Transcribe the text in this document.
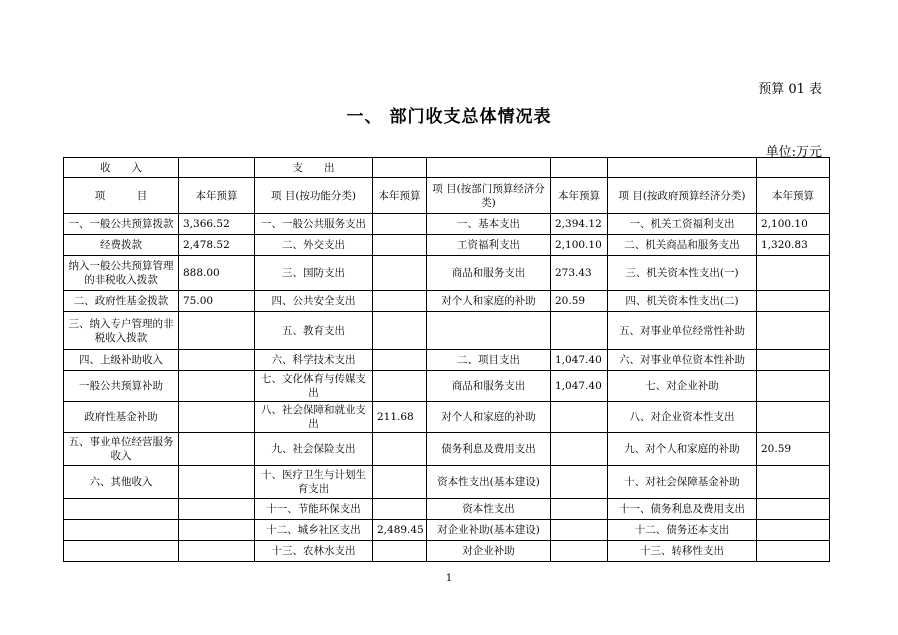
预算 01 表
一、 部门收支总体情况表
单位:万元
收　　入		支　　出					
项　　　目	本年预算	项 目(按功能分类)	本年预算	项 目(按部门预算经济分类)	本年预算	项 目(按政府预算经济分类)	本年预算
一、一般公共预算拨款	3,366.52	一、一般公共服务支出		一、基本支出	2,394.12	一、机关工资福利支出	2,100.10
经费拨款	2,478.52	二、外交支出		工资福利支出	2,100.10	二、机关商品和服务支出	1,320.83
纳入一般公共预算管理的非税收入拨款	888.00	三、国防支出		商品和服务支出	273.43	三、机关资本性支出(一)	
二、政府性基金拨款	75.00	四、公共安全支出		对个人和家庭的补助	20.59	四、机关资本性支出(二)	
三、纳入专户管理的非税收入拨款		五、教育支出				五、对事业单位经常性补助	
四、上级补助收入		六、科学技术支出		二、项目支出	1,047.40	六、对事业单位资本性补助	
一般公共预算补助		七、文化体育与传媒支出		商品和服务支出	1,047.40	七、对企业补助	
政府性基金补助		八、社会保障和就业支出	211.68	对个人和家庭的补助		八、对企业资本性支出	
五、事业单位经营服务收入		九、社会保险支出		债务利息及费用支出		九、对个人和家庭的补助	20.59
六、其他收入		十、医疗卫生与计划生育支出		资本性支出(基本建设)		十、对社会保障基金补助	
		十一、节能环保支出		资本性支出		十一、债务利息及费用支出	
		十二、城乡社区支出	2,489.45	对企业补助(基本建设)		十二、债务还本支出	
		十三、农林水支出		对企业补助		十三、转移性支出	
1
